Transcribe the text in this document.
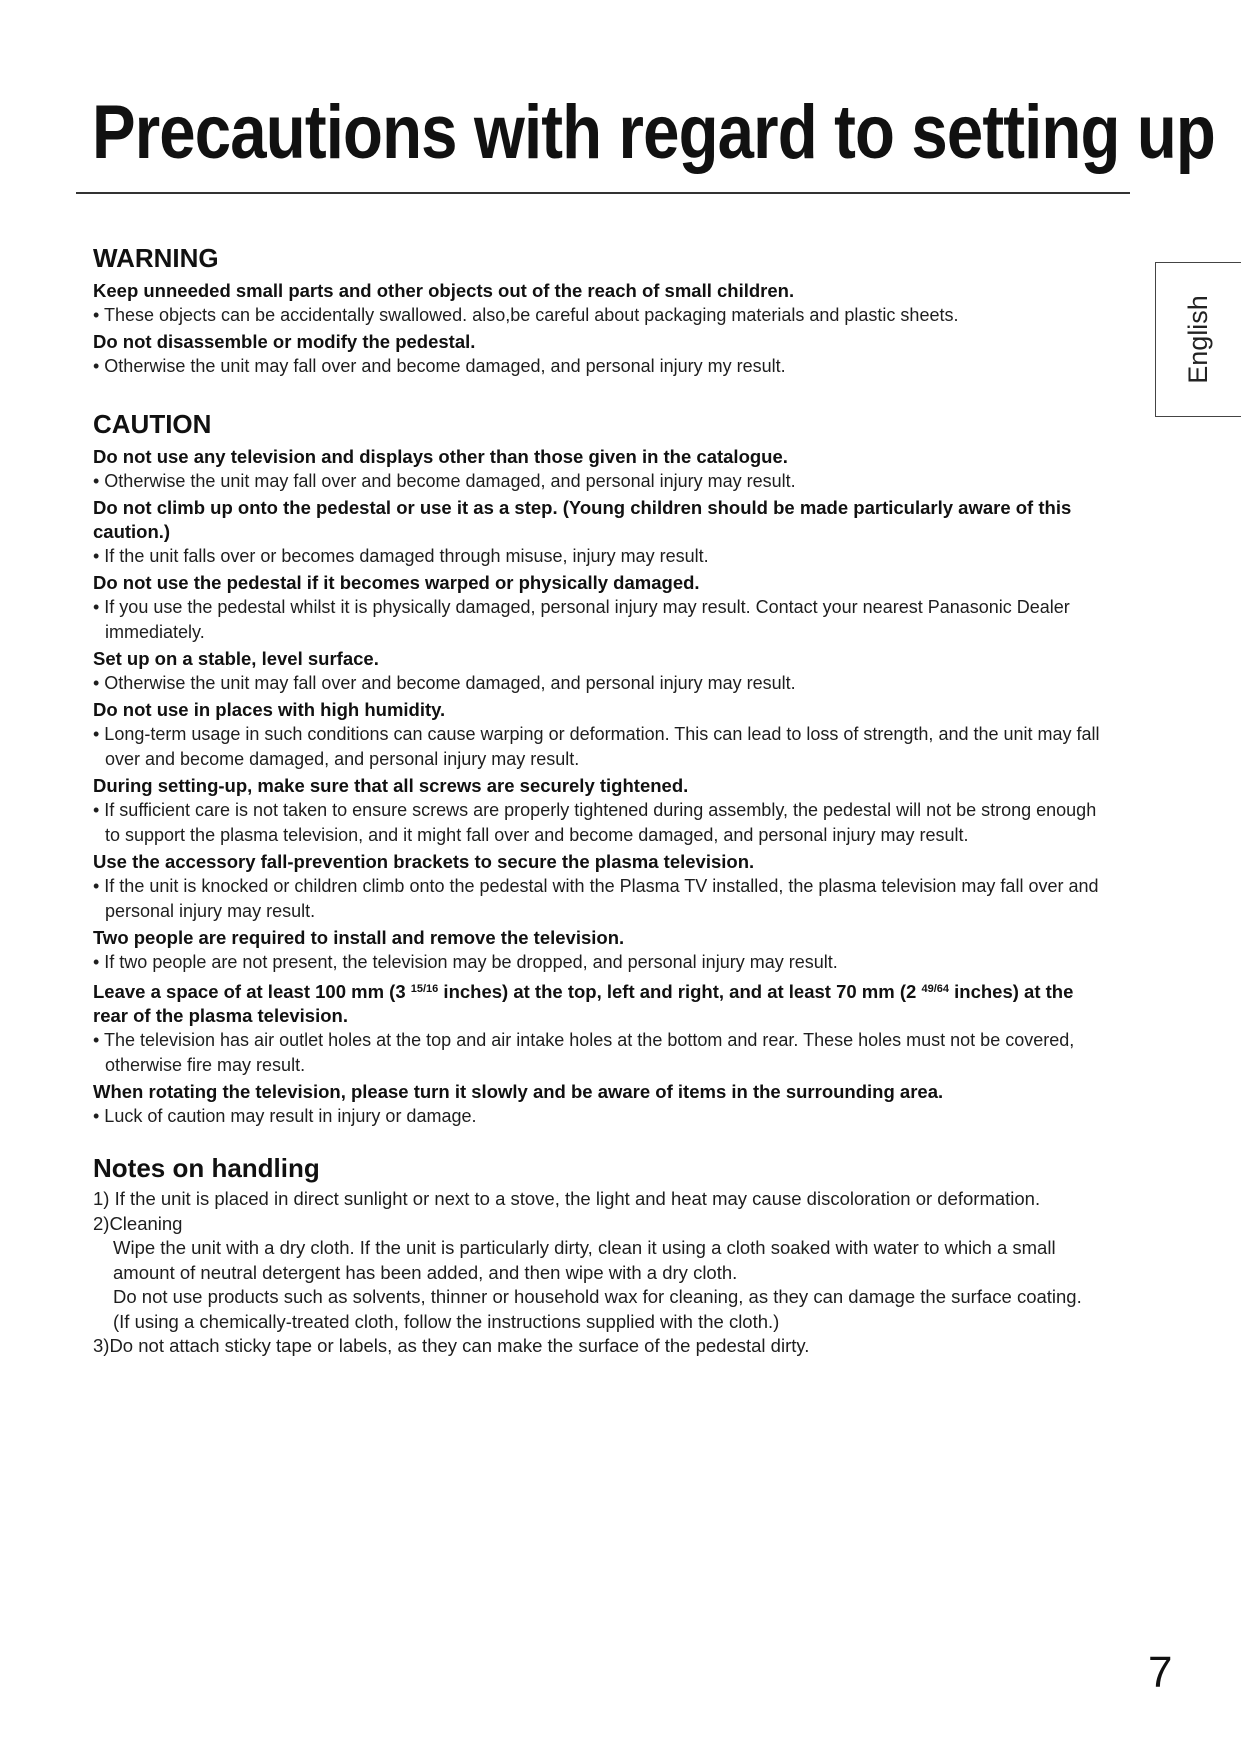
Precautions with regard to setting up
English
WARNING

Keep unneeded small parts and other objects out of the reach of small children.

• These objects can be accidentally swallowed. also,be careful about packaging materials and plastic sheets.

Do not disassemble or modify the pedestal.

• Otherwise the unit may fall over and become damaged, and personal injury my result.

CAUTION

Do not use any television and displays other than those given in the catalogue.

• Otherwise the unit may fall over and become damaged, and personal injury may result.

Do not climb up onto the pedestal or use it as a step. (Young children should be made particularly aware of this caution.)

• If the unit falls over or becomes damaged through misuse, injury may result.

Do not use the pedestal if it becomes warped or physically damaged.

• If you use the pedestal whilst it is physically damaged, personal injury may result. Contact your nearest Panasonic Dealer immediately.

Set up on a stable, level surface.

• Otherwise the unit may fall over and become damaged, and personal injury may result.

Do not use in places with high humidity.

• Long-term usage in such conditions can cause warping or deformation. This can lead to loss of strength, and the unit may fall over and become damaged, and personal injury may result.

During setting-up, make sure that all screws are securely tightened.

• If sufficient care is not taken to ensure screws are properly tightened during assembly, the pedestal will not be strong enough to support the plasma television, and it might fall over and become damaged, and personal injury may result.

Use the accessory fall-prevention brackets to secure the plasma television.

• If the unit is knocked or children climb onto the pedestal with the Plasma TV installed, the plasma television may fall over and personal injury may result.

Two people are required to install and remove the television.

• If two people are not present, the television may be dropped, and personal injury may result.

Leave a space of at least 100 mm (3 $^{15/16}$ inches) at the top, left and right, and at least 70 mm (2 $^{49/64}$ inches) at the rear of the plasma television.

• The television has air outlet holes at the top and air intake holes at the bottom and rear. These holes must not be covered, otherwise fire may result.

When rotating the television, please turn it slowly and be aware of items in the surrounding area.

• Luck of caution may result in injury or damage.

Notes on handling

1) If the unit is placed in direct sunlight or next to a stove, the light and heat may cause discoloration or deformation.

2)Cleaning

Wipe the unit with a dry cloth. If the unit is particularly dirty, clean it using a cloth soaked with water to which a small amount of neutral detergent has been added, and then wipe with a dry cloth.

Do not use products such as solvents, thinner or household wax for cleaning, as they can damage the surface coating.

(If using a chemically-treated cloth, follow the instructions supplied with the cloth.)

3)Do not attach sticky tape or labels, as they can make the surface of the pedestal dirty.

7
